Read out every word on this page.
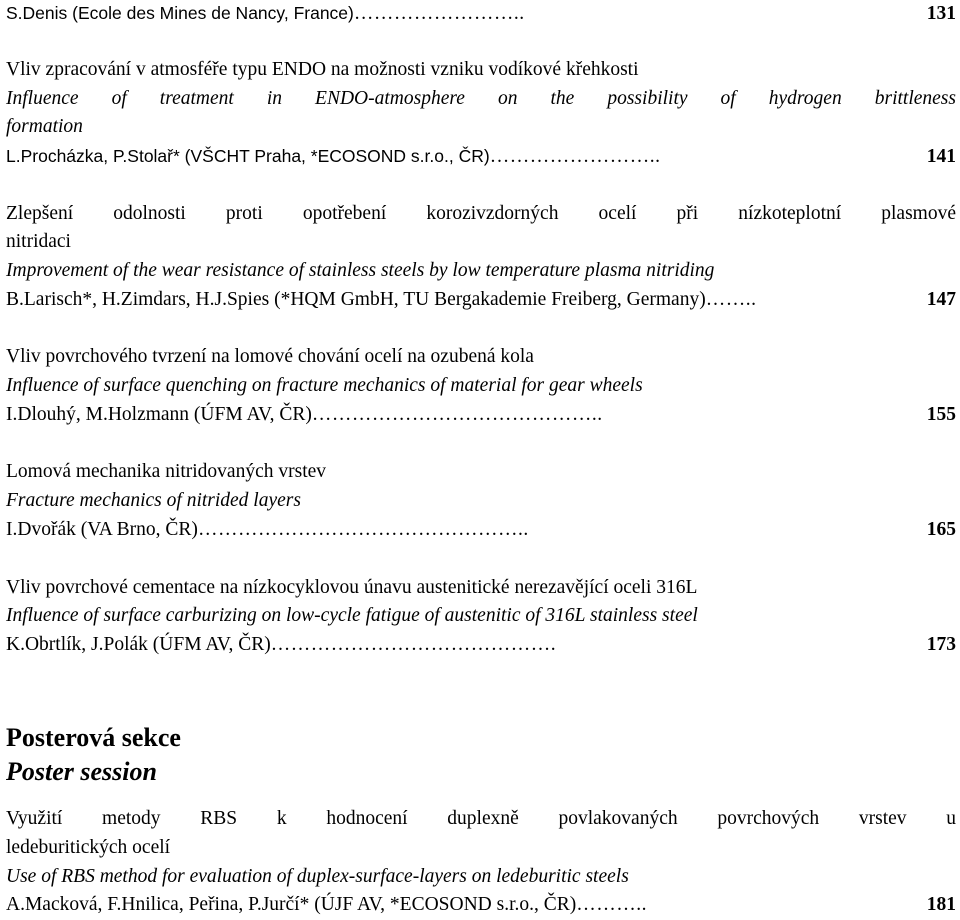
S.Denis (Ecole des Mines de Nancy, France) ……………………..	131
Vliv zpracování v atmosféře typu ENDO na možnosti vzniku vodíkové křehkosti
Influence of treatment in ENDO-atmosphere on the possibility of hydrogen brittleness
formation
L.Procházka, P.Stolař* (VŠCHT Praha, *ECOSOND s.r.o., ČR) ……………………..	141
Zlepšení odolnosti proti opotřebení korozivzdorných ocelí při nízkoteplotní plasmové
nitridaci
Improvement of the wear resistance of stainless steels by low temperature plasma nitriding
B.Larisch*, H.Zimdars, H.J.Spies (*HQM GmbH, TU Bergakademie Freiberg, Germany) ……..	147
Vliv povrchového tvrzení na lomové chování ocelí na ozubená kola
Influence of surface quenching on fracture mechanics of material for gear wheels
I.Dlouhý, M.Holzmann (ÚFM AV, ČR) ……………………………………..	155
Lomová mechanika nitridovaných vrstev
Fracture mechanics of nitrided layers
I.Dvořák (VA Brno, ČR) …………………………………………..	165
Vliv povrchové cementace na nízkocyklovou únavu austenitické nerezavějící oceli 316L
Influence of surface carburizing on low-cycle fatigue of austenitic of 316L stainless steel
K.Obrtlík, J.Polák (ÚFM AV, ČR) …………………………………….	173
Posterová sekce
Poster session
Využití metody RBS k hodnocení duplexně povlakovaných povrchových vrstev u
ledeburitických ocelí
Use of RBS method for evaluation of duplex-surface-layers on ledeburitic steels
A.Macková, F.Hnilica, Peřina, P.Jurčí* (ÚJF AV, *ECOSOND s.r.o., ČR) ………..	181
